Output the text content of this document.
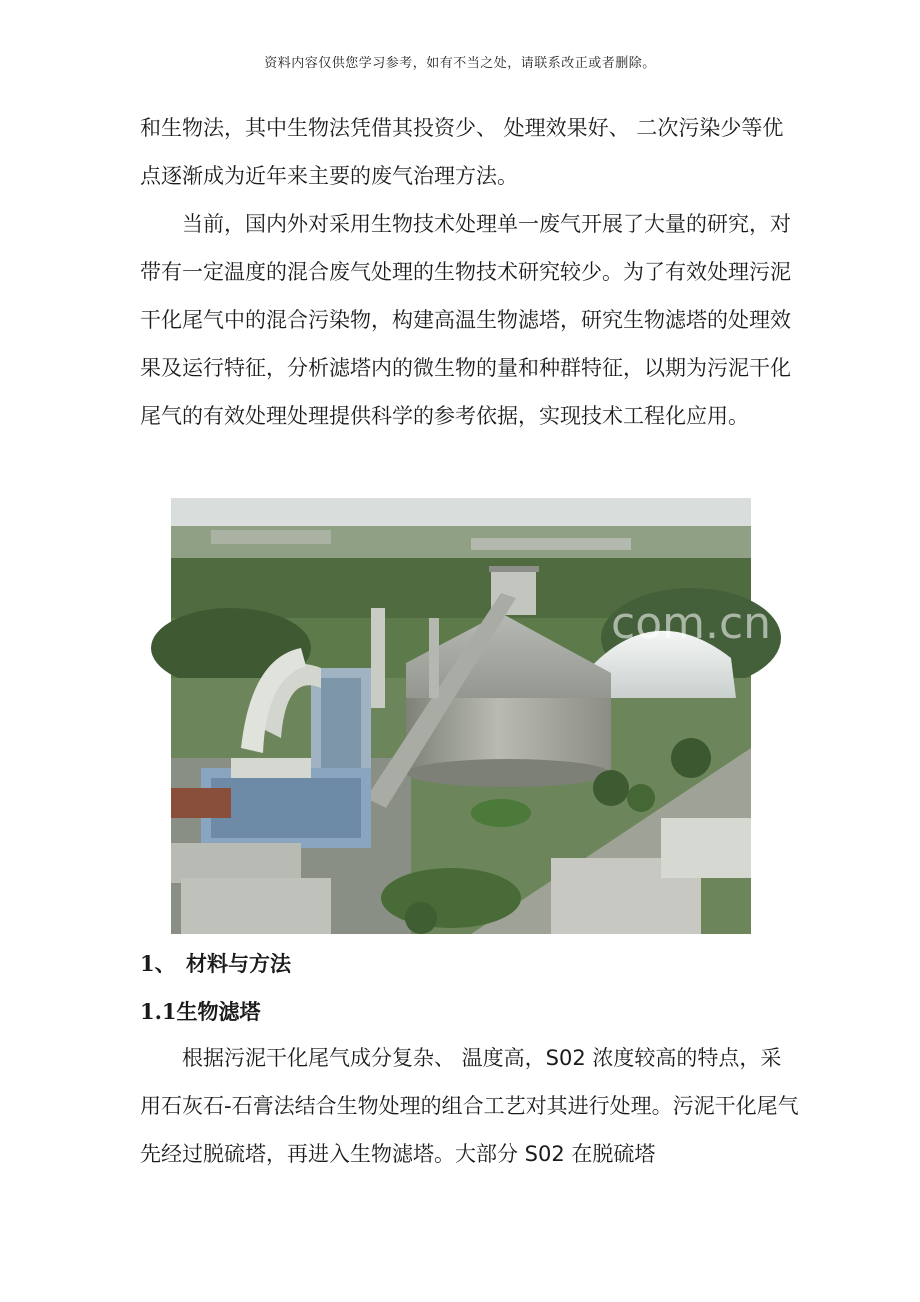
资料内容仅供您学习参考，如有不当之处，请联系改正或者删除。

和生物法，其中生物法凭借其投资少、 处理效果好、 二次污染少等优点逐渐成为近年来主要的废气治理方法。

当前，国内外对采用生物技术处理单一废气开展了大量的研究，对带有一定温度的混合废气处理的生物技术研究较少。为了有效处理污泥干化尾气中的混合污染物，构建高温生物滤塔，研究生物滤塔的处理效果及运行特征，分析滤塔内的微生物的量和种群特征，以期为污泥干化尾气的有效处理处理提供科学的参考依据，实现技术工程化应用。

com.cn
1、 材料与方法
1.1生物滤塔

根据污泥干化尾气成分复杂、 温度高，S02 浓度较高的特点，采用石灰石-石膏法结合生物处理的组合工艺对其进行处理。污泥干化尾气先经过脱硫塔，再进入生物滤塔。大部分 S02 在脱硫塔
